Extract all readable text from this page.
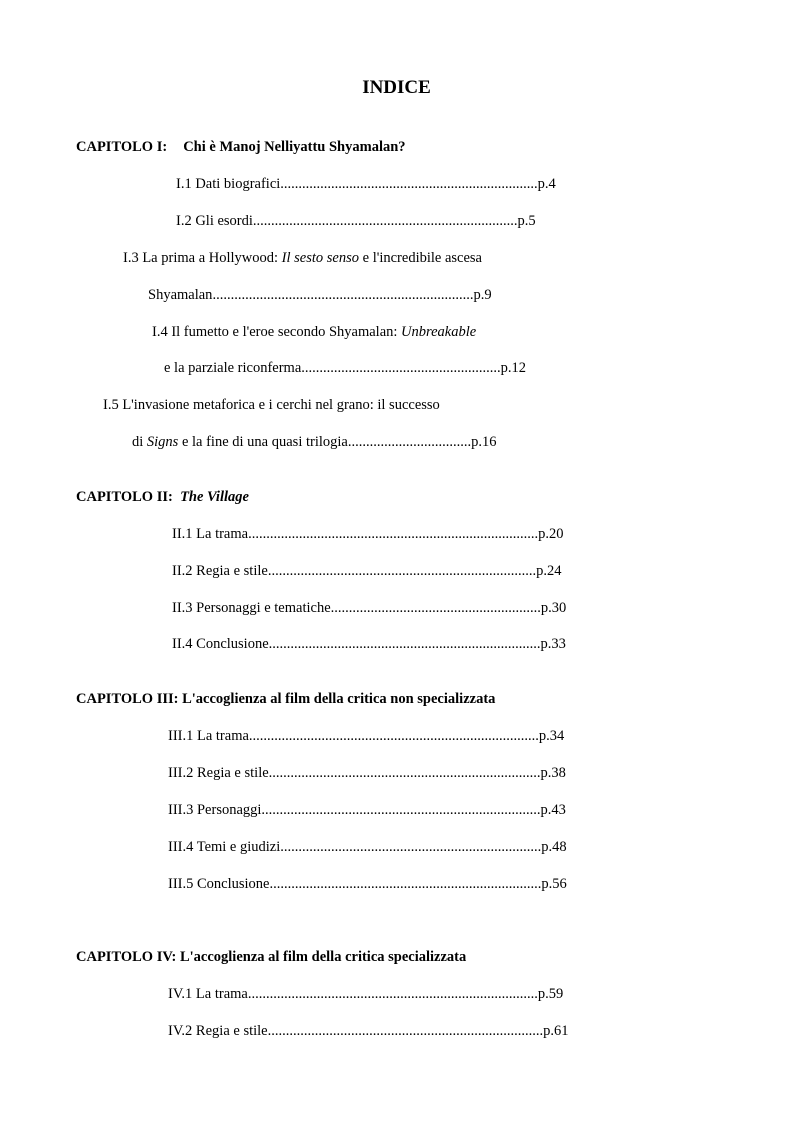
INDICE
CAPITOLO I: Chi è Manoj Nelliyattu Shyamalan?
I.1 Dati biografici.......................................................................p.4
I.2 Gli esordi.........................................................................p.5
I.3 La prima a Hollywood: Il sesto senso e l'incredibile ascesa
Shyamalan........................................................................p.9
I.4 Il fumetto e l'eroe secondo Shyamalan: Unbreakable
e la parziale riconferma.......................................................p.12
I.5 L'invasione metaforica e i cerchi nel grano: il successo
di Signs e la fine di una quasi trilogia..................................p.16
CAPITOLO II: The Village
II.1 La trama................................................................................p.20
II.2 Regia e stile..........................................................................p.24
II.3 Personaggi e tematiche..........................................................p.30
II.4 Conclusione...........................................................................p.33
CAPITOLO III: L'accoglienza al film della critica non specializzata
III.1 La trama................................................................................p.34
III.2 Regia e stile...........................................................................p.38
III.3 Personaggi.............................................................................p.43
III.4 Temi e giudizi........................................................................p.48
III.5 Conclusione...........................................................................p.56
CAPITOLO IV: L'accoglienza al film della critica specializzata
IV.1 La trama................................................................................p.59
IV.2 Regia e stile............................................................................p.61
